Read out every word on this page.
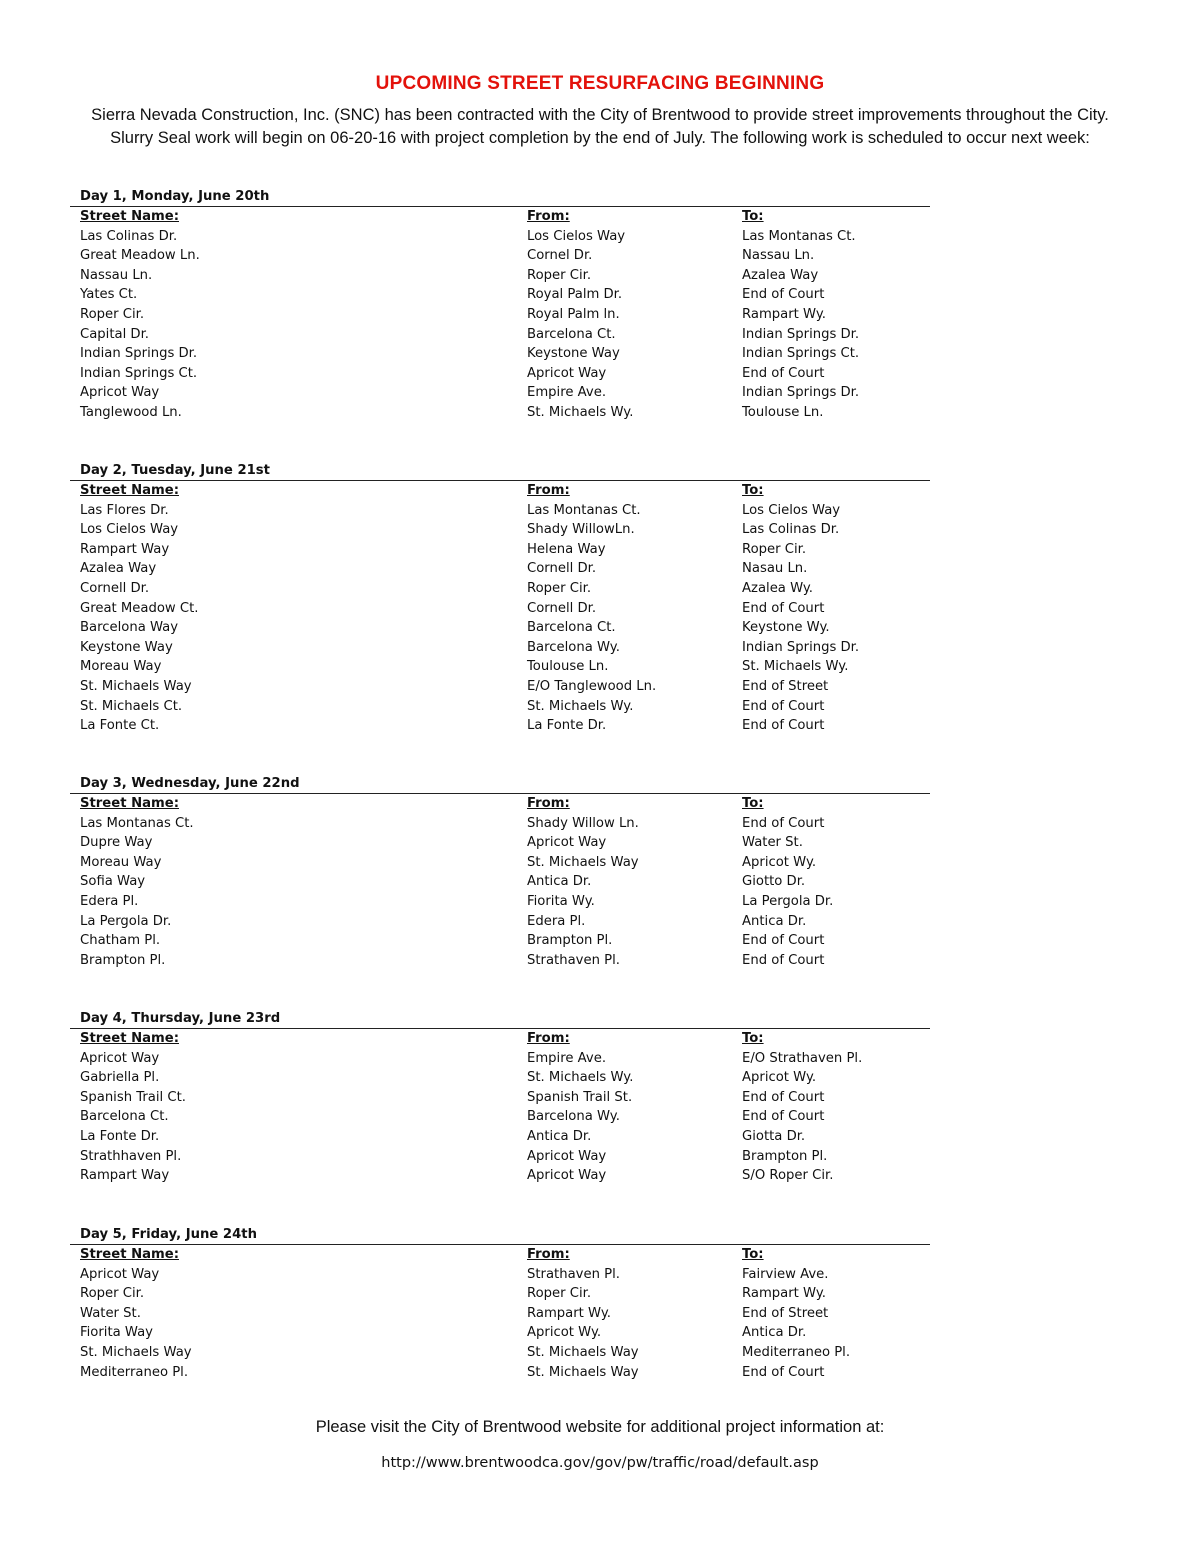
UPCOMING STREET RESURFACING BEGINNING
Sierra Nevada Construction, Inc. (SNC) has been contracted with the City of Brentwood to provide street improvements throughout the City. Slurry Seal work will begin on 06-20-16 with project completion by the end of July. The following work is scheduled to occur next week:
Day 1, Monday, June 20th
Street Name:	From:	To:
Las Colinas Dr.	Los Cielos Way	Las Montanas Ct.
Great Meadow Ln.	Cornel Dr.	Nassau Ln.
Nassau Ln.	Roper Cir.	Azalea Way
Yates Ct.	Royal Palm Dr.	End of Court
Roper Cir.	Royal Palm ln.	Rampart Wy.
Capital Dr.	Barcelona Ct.	Indian Springs Dr.
Indian Springs Dr.	Keystone Way	Indian Springs Ct.
Indian Springs Ct.	Apricot Way	End of Court
Apricot Way	Empire Ave.	Indian Springs Dr.
Tanglewood Ln.	St. Michaels Wy.	Toulouse Ln.
Day 2, Tuesday, June 21st
Street Name:	From:	To:
Las Flores Dr.	Las Montanas Ct.	Los Cielos Way
Los Cielos Way	Shady WillowLn.	Las Colinas Dr.
Rampart Way	Helena Way	Roper Cir.
Azalea Way	Cornell Dr.	Nasau Ln.
Cornell Dr.	Roper Cir.	Azalea Wy.
Great Meadow Ct.	Cornell Dr.	End of Court
Barcelona Way	Barcelona Ct.	Keystone Wy.
Keystone Way	Barcelona Wy.	Indian Springs Dr.
Moreau Way	Toulouse Ln.	St. Michaels Wy.
St. Michaels Way	E/O Tanglewood Ln.	End of Street
St. Michaels Ct.	St. Michaels Wy.	End of Court
La Fonte Ct.	La Fonte Dr.	End of Court
Day 3, Wednesday, June 22nd
Street Name:	From:	To:
Las Montanas Ct.	Shady Willow Ln.	End of Court
Dupre Way	Apricot Way	Water St.
Moreau Way	St. Michaels Way	Apricot Wy.
Sofia Way	Antica Dr.	Giotto Dr.
Edera Pl.	Fiorita Wy.	La Pergola Dr.
La Pergola Dr.	Edera Pl.	Antica Dr.
Chatham Pl.	Brampton Pl.	End of Court
Brampton Pl.	Strathaven Pl.	End of Court
Day 4, Thursday, June 23rd
Street Name:	From:	To:
Apricot Way	Empire Ave.	E/O Strathaven Pl.
Gabriella Pl.	St. Michaels Wy.	Apricot Wy.
Spanish Trail Ct.	Spanish Trail St.	End of Court
Barcelona Ct.	Barcelona Wy.	End of Court
La Fonte Dr.	Antica Dr.	Giotta Dr.
Strathhaven Pl.	Apricot Way	Brampton Pl.
Rampart Way	Apricot Way	S/O Roper Cir.
Day 5, Friday, June 24th
Street Name:	From:	To:
Apricot Way	Strathaven Pl.	Fairview Ave.
Roper Cir.	Roper Cir.	Rampart Wy.
Water St.	Rampart Wy.	End of Street
Fiorita Way	Apricot Wy.	Antica Dr.
St. Michaels Way	St. Michaels Way	Mediterraneo Pl.
Mediterraneo Pl.	St. Michaels Way	End of Court
Please visit the City of Brentwood website for additional project information at:
http://www.brentwoodca.gov/gov/pw/traffic/road/default.asp
